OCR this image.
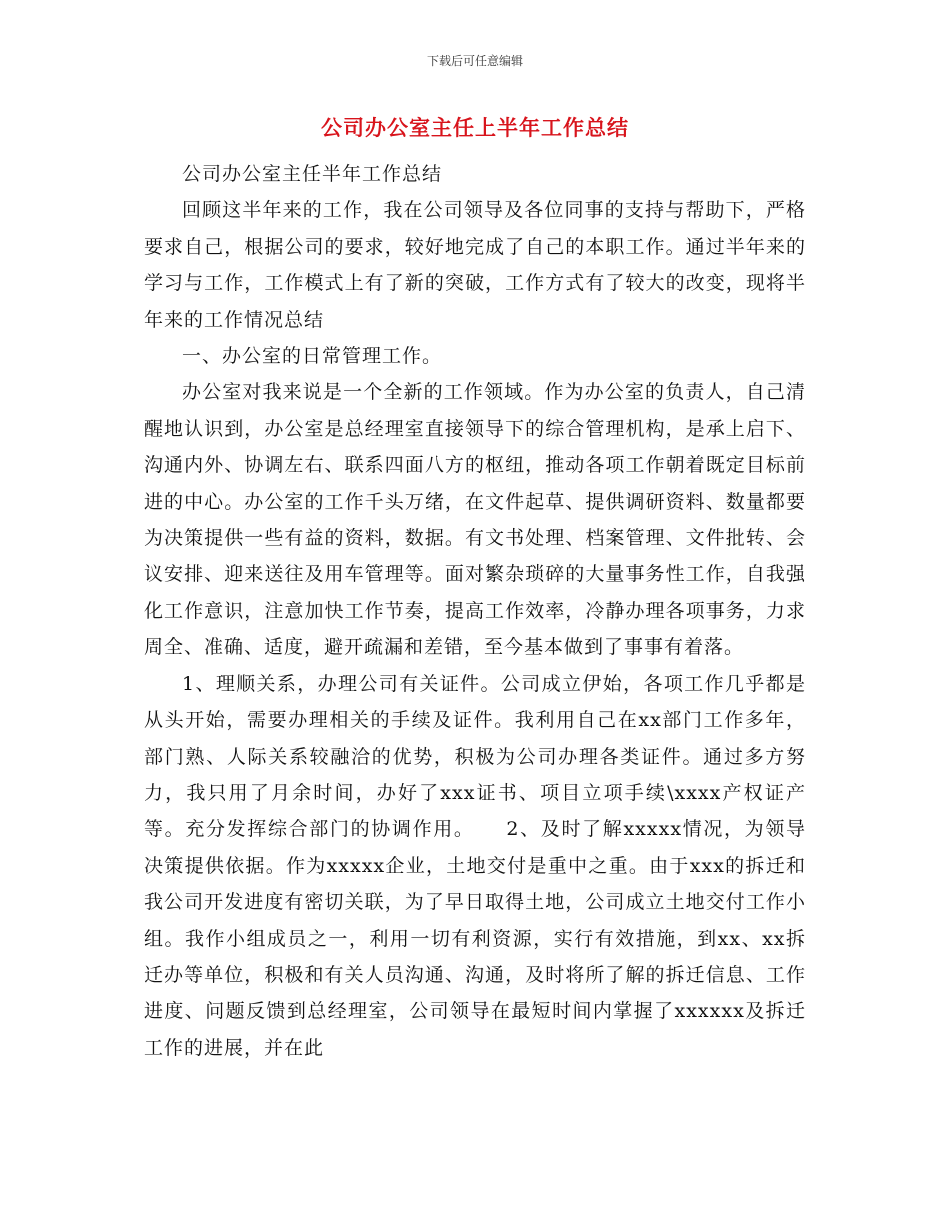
下载后可任意编辑
公司办公室主任上半年工作总结

公司办公室主任半年工作总结

回顾这半年来的工作，我在公司领导及各位同事的支持与帮助下，严格要求自己，根据公司的要求，较好地完成了自己的本职工作。通过半年来的学习与工作，工作模式上有了新的突破，工作方式有了较大的改变，现将半年来的工作情况总结

一、办公室的日常管理工作。

办公室对我来说是一个全新的工作领域。作为办公室的负责人，自己清醒地认识到，办公室是总经理室直接领导下的综合管理机构，是承上启下、沟通内外、协调左右、联系四面八方的枢纽，推动各项工作朝着既定目标前进的中心。办公室的工作千头万绪，在文件起草、提供调研资料、数量都要为决策提供一些有益的资料，数据。有文书处理、档案管理、文件批转、会议安排、迎来送往及用车管理等。面对繁杂琐碎的大量事务性工作，自我强化工作意识，注意加快工作节奏，提高工作效率，冷静办理各项事务，力求周全、准确、适度，避开疏漏和差错，至今基本做到了事事有着落。

1、理顺关系，办理公司有关证件。公司成立伊始，各项工作几乎都是从头开始，需要办理相关的手续及证件。我利用自己在xx部门工作多年，部门熟、人际关系较融洽的优势，积极为公司办理各类证件。通过多方努力，我只用了月余时间，办好了xxx证书、项目立项手续\xxxx产权证产等。充分发挥综合部门的协调作用。　　2、及时了解xxxxx情况，为领导决策提供依据。作为xxxxx企业，土地交付是重中之重。由于xxx的拆迁和我公司开发进度有密切关联，为了早日取得土地，公司成立土地交付工作小组。我作小组成员之一，利用一切有利资源，实行有效措施，到xx、xx拆迁办等单位，积极和有关人员沟通、沟通，及时将所了解的拆迁信息、工作进度、问题反馈到总经理室，公司领导在最短时间内掌握了xxxxxx及拆迁工作的进展，并在此
